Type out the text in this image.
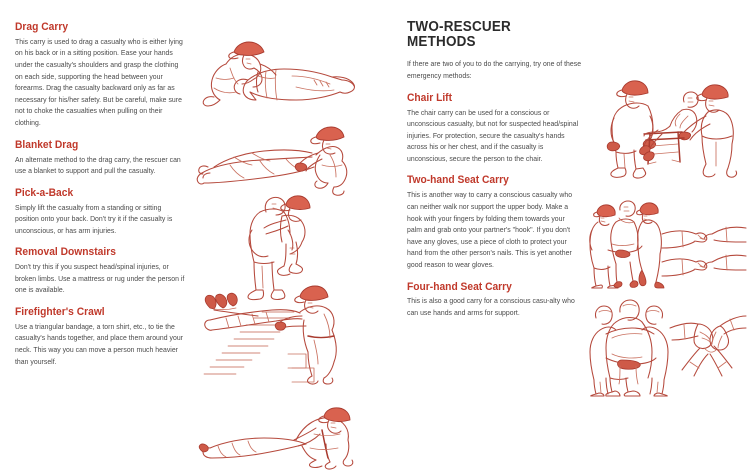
Drag Carry

This carry is used to drag a casualty who is either lying on his back or in a sitting position. Ease your hands under the casualty's shoulders and grasp the clothing on each side, supporting the head between your forearms. Drag the casualty backward only as far as necessary for his/her safety. But be careful, make sure not to choke the casualties when pulling on their clothing.

Blanket Drag

An alternate method to the drag carry, the rescuer can use a blanket to support and pull the casualty.

Pick-a-Back

Simply lift the casualty from a standing or sitting position onto your back. Don't try it if the casualty is unconscious, or has arm injuries.

Removal Downstairs

Don't try this if you suspect head/spinal injuries, or broken limbs. Use a mattress or rug under the person if one is available.

Firefighter's Crawl

Use a triangular bandage, a torn shirt, etc., to tie the casualty's hands together, and place them around your neck. This way you can move a person much heavier than yourself.

TWO-RESCUER METHODS

If there are two of you to do the carrying, try one of these emergency methods:

Chair Lift

The chair carry can be used for a conscious or unconscious casualty, but not for suspected head/spinal injuries. For protection, secure the casualty's hands across his or her chest, and if the casualty is unconscious, secure the person to the chair.

Two-hand Seat Carry

This is another way to carry a conscious casualty who can neither walk nor support the upper body. Make a hook with your fingers by folding them towards your palm and grab onto your partner's "hook". If you don't have any gloves, use a piece of cloth to protect your hand from the other person's nails. This is yet another good reason to wear gloves.

Four-hand Seat Carry

This is also a good carry for a conscious casu-alty who can use hands and arms for support.
